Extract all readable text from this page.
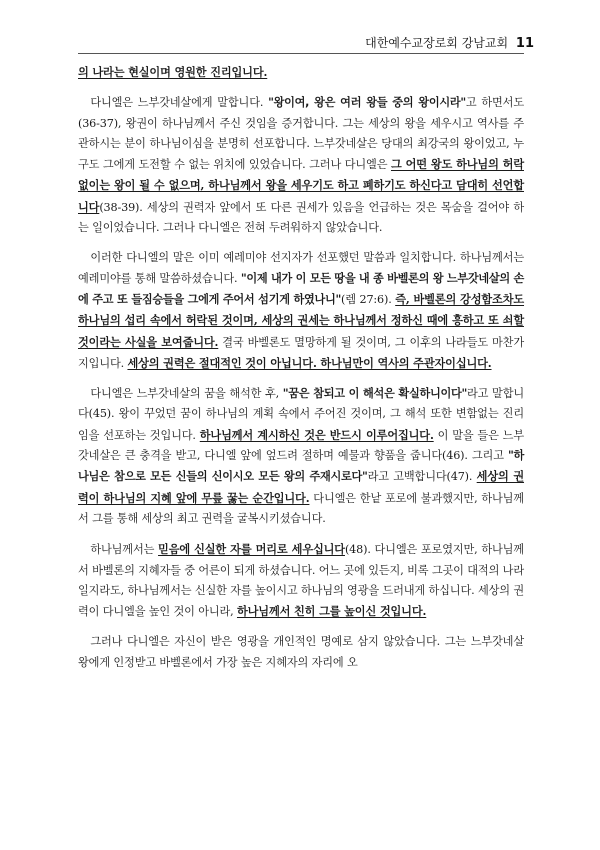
대한예수교장로회 강남교회 11

의 나라는 현실이며 영원한 진리입니다.

다니엘은 느부갓네살에게 말합니다. "왕이여, 왕은 여러 왕들 중의 왕이시라"고 하면서도(36-37), 왕권이 하나님께서 주신 것임을 증거합니다. 그는 세상의 왕을 세우시고 역사를 주관하시는 분이 하나님이심을 분명히 선포합니다. 느부갓네살은 당대의 최강국의 왕이었고, 누구도 그에게 도전할 수 없는 위치에 있었습니다. 그러나 다니엘은 그 어떤 왕도 하나님의 허락 없이는 왕이 될 수 없으며, 하나님께서 왕을 세우기도 하고 폐하기도 하신다고 담대히 선언합니다(38-39). 세상의 권력자 앞에서 또 다른 권세가 있음을 언급하는 것은 목숨을 걸어야 하는 일이었습니다. 그러나 다니엘은 전혀 두려워하지 않았습니다.

이러한 다니엘의 말은 이미 예레미야 선지자가 선포했던 말씀과 일치합니다. 하나님께서는 예레미야를 통해 말씀하셨습니다. "이제 내가 이 모든 땅을 내 종 바벨론의 왕 느부갓네살의 손에 주고 또 들짐승들을 그에게 주어서 섬기게 하였나니"(렘 27:6). 즉, 바벨론의 강성함조차도 하나님의 섭리 속에서 허락된 것이며, 세상의 권세는 하나님께서 정하신 때에 흥하고 또 쇠할 것이라는 사실을 보여줍니다. 결국 바벨론도 멸망하게 될 것이며, 그 이후의 나라들도 마찬가지입니다. 세상의 권력은 절대적인 것이 아닙니다. 하나님만이 역사의 주관자이십니다.

다니엘은 느부갓네살의 꿈을 해석한 후, "꿈은 참되고 이 해석은 확실하니이다"라고 말합니다(45). 왕이 꾸었던 꿈이 하나님의 계획 속에서 주어진 것이며, 그 해석 또한 변함없는 진리임을 선포하는 것입니다. 하나님께서 계시하신 것은 반드시 이루어집니다. 이 말을 들은 느부갓네살은 큰 충격을 받고, 다니엘 앞에 엎드려 절하며 예물과 향품을 줍니다(46). 그리고 "하나님은 참으로 모든 신들의 신이시오 모든 왕의 주재시로다"라고 고백합니다(47). 세상의 권력이 하나님의 지혜 앞에 무릎 꿇는 순간입니다. 다니엘은 한낱 포로에 불과했지만, 하나님께서 그를 통해 세상의 최고 권력을 굴복시키셨습니다.

하나님께서는 믿음에 신실한 자를 머리로 세우십니다(48). 다니엘은 포로였지만, 하나님께서 바벨론의 지혜자들 중 어른이 되게 하셨습니다. 어느 곳에 있든지, 비록 그곳이 대적의 나라일지라도, 하나님께서는 신실한 자를 높이시고 하나님의 영광을 드러내게 하십니다. 세상의 권력이 다니엘을 높인 것이 아니라, 하나님께서 친히 그를 높이신 것입니다.

그러나 다니엘은 자신이 받은 영광을 개인적인 명예로 삼지 않았습니다. 그는 느부갓네살 왕에게 인정받고 바벨론에서 가장 높은 지혜자의 자리에 오
